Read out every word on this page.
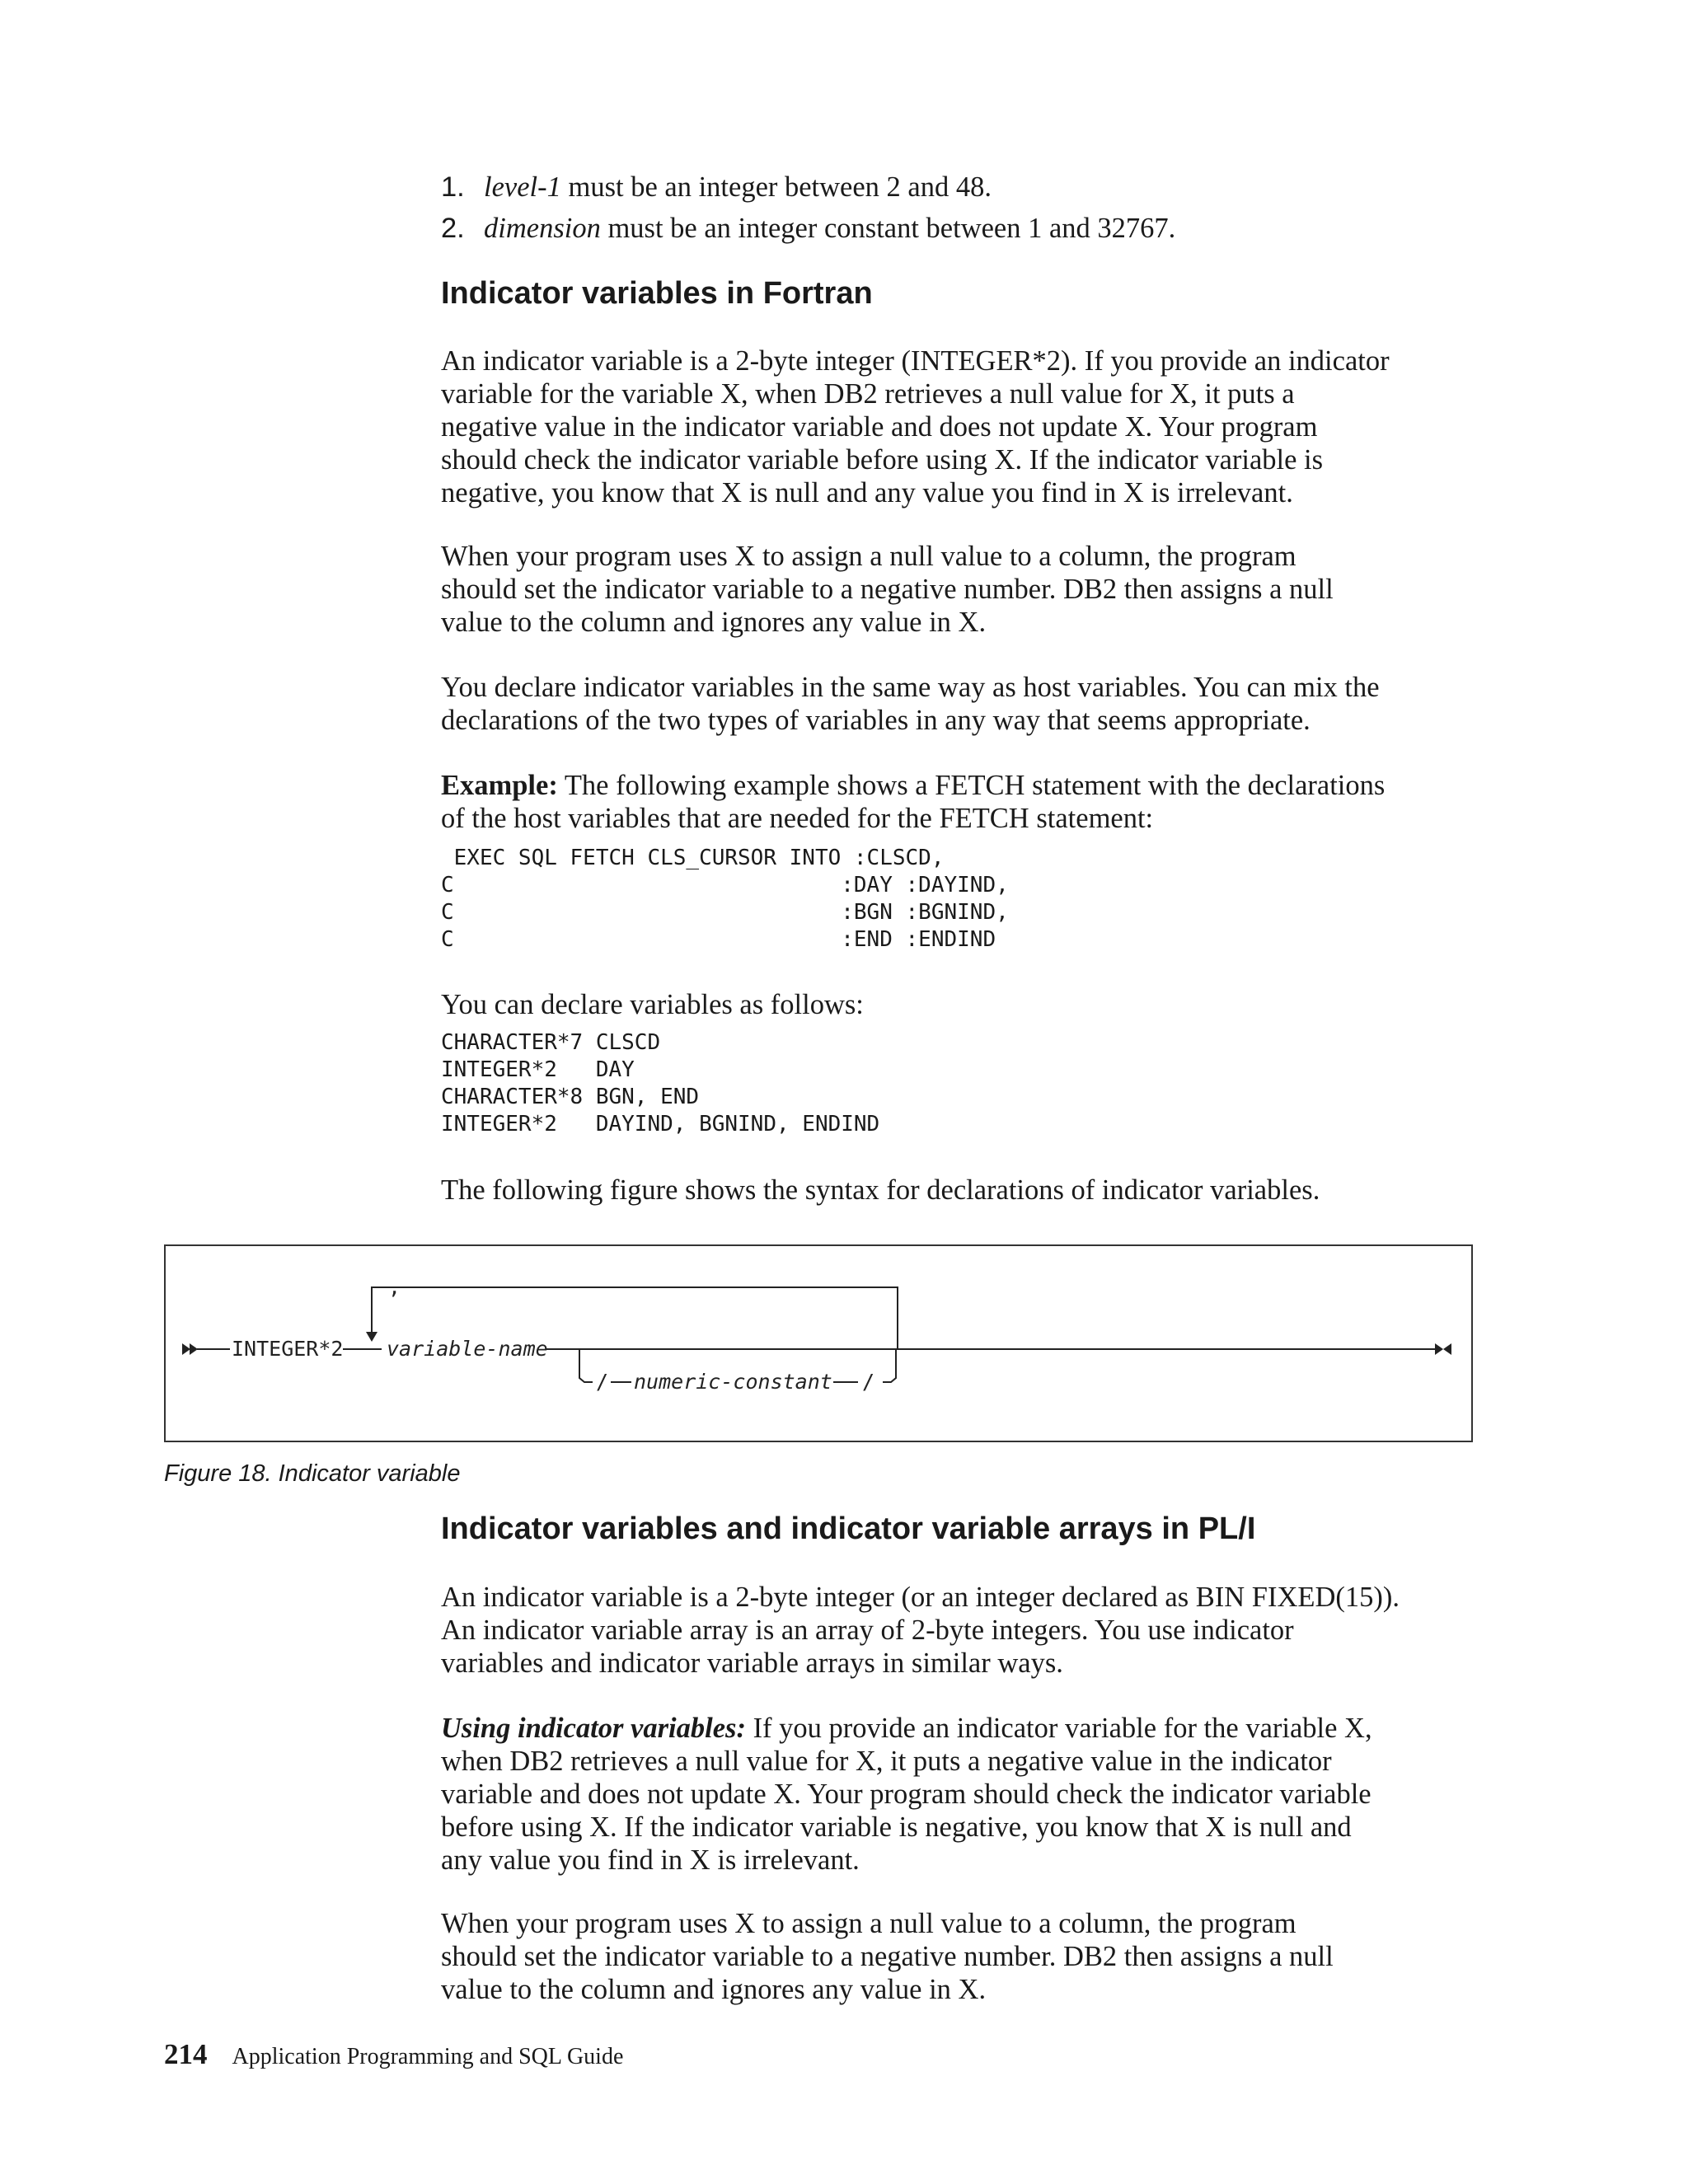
1. level-1 must be an integer between 2 and 48.
2. dimension must be an integer constant between 1 and 32767.
Indicator variables in Fortran
An indicator variable is a 2-byte integer (INTEGER*2). If you provide an indicator
variable for the variable X, when DB2 retrieves a null value for X, it puts a
negative value in the indicator variable and does not update X. Your program
should check the indicator variable before using X. If the indicator variable is
negative, you know that X is null and any value you find in X is irrelevant.
When your program uses X to assign a null value to a column, the program
should set the indicator variable to a negative number. DB2 then assigns a null
value to the column and ignores any value in X.
You declare indicator variables in the same way as host variables. You can mix the
declarations of the two types of variables in any way that seems appropriate.
Example: The following example shows a FETCH statement with the declarations
of the host variables that are needed for the FETCH statement:
EXEC SQL FETCH CLS_CURSOR INTO :CLSCD,
C                              :DAY :DAYIND,
C                              :BGN :BGNIND,
C                              :END :ENDIND
You can declare variables as follows:
CHARACTER*7 CLSCD
INTEGER*2   DAY
CHARACTER*8 BGN, END
INTEGER*2   DAYIND, BGNIND, ENDIND
The following figure shows the syntax for declarations of indicator variables.
,
INTEGER*2 variable-name
/ numeric-constant /
Figure 18. Indicator variable
Indicator variables and indicator variable arrays in PL/I
An indicator variable is a 2-byte integer (or an integer declared as BIN FIXED(15)).
An indicator variable array is an array of 2-byte integers. You use indicator
variables and indicator variable arrays in similar ways.
Using indicator variables: If you provide an indicator variable for the variable X,
when DB2 retrieves a null value for X, it puts a negative value in the indicator
variable and does not update X. Your program should check the indicator variable
before using X. If the indicator variable is negative, you know that X is null and
any value you find in X is irrelevant.
When your program uses X to assign a null value to a column, the program
should set the indicator variable to a negative number. DB2 then assigns a null
value to the column and ignores any value in X.
214 Application Programming and SQL Guide
